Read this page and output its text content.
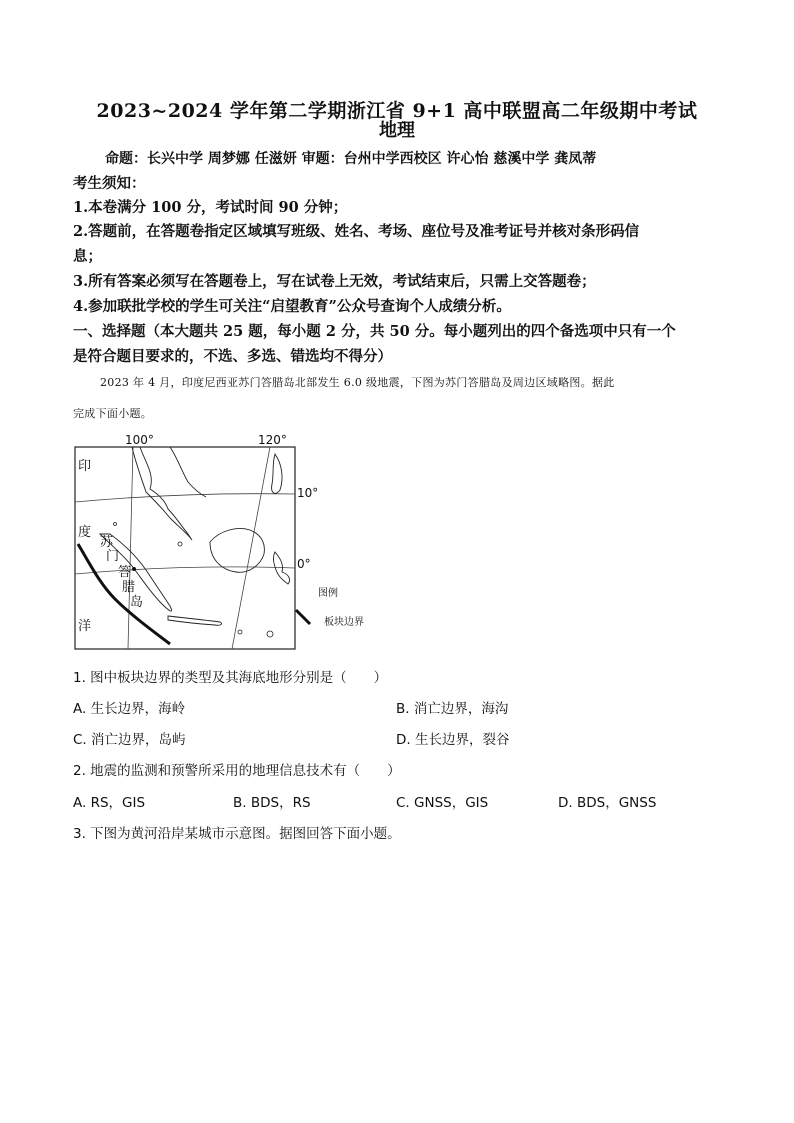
2023~2024 学年第二学期浙江省 9+1 高中联盟高二年级期中考试
地理
命题：长兴中学 周梦娜 任滋妍 审题：台州中学西校区 许心怡 慈溪中学 龚凤蒂
考生须知：
1.本卷满分 100 分，考试时间 90 分钟；
2.答题前，在答题卷指定区域填写班级、姓名、考场、座位号及准考证号并核对条形码信
息；
3.所有答案必须写在答题卷上，写在试卷上无效，考试结束后，只需上交答题卷；
4.参加联批学校的学生可关注“启望教育”公众号查询个人成绩分析。
一、选择题（本大题共 25 题，每小题 2 分，共 50 分。每小题列出的四个备选项中只有一个
是符合题目要求的，不选、多选、错选均不得分）
2023 年 4 月，印度尼西亚苏门答腊岛北部发生 6.0 级地震，下图为苏门答腊岛及周边区域略图。据此
完成下面小题。
100°	120°
10°
0°
印
度
洋
苏
门
答
腊
岛
图例
板块边界
1. 图中板块边界的类型及其海底地形分别是（　　）
A. 生长边界，海岭	B. 消亡边界，海沟
C. 消亡边界，岛屿	D. 生长边界，裂谷
2. 地震的监测和预警所采用的地理信息技术有（　　）
A. RS，GIS	B. BDS，RS	C. GNSS，GIS	D. BDS，GNSS
3. 下图为黄河沿岸某城市示意图。据图回答下面小题。
